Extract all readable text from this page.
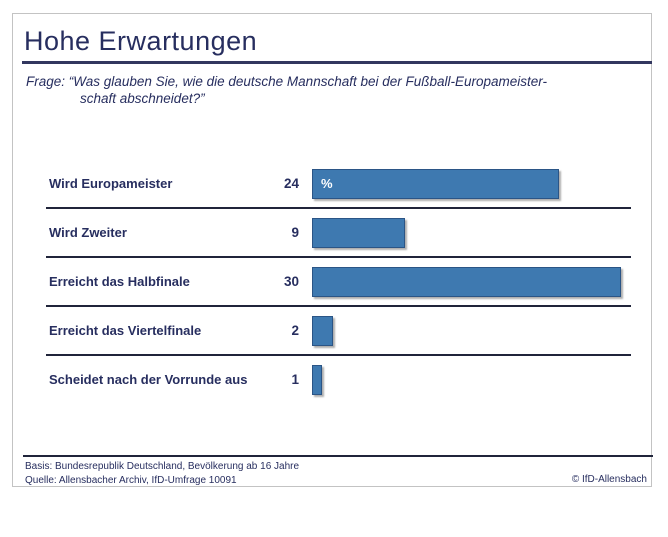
Hohe Erwartungen
Frage: “Was glauben Sie, wie die deutsche Mannschaft bei der Fußball-Europameister-
schaft abschneidet?”
Wird Europameister	24	%
Wird Zweiter	9
Erreicht das Halbfinale	30
Erreicht das Viertelfinale	2
Scheidet nach der Vorrunde aus	1
Basis: Bundesrepublik Deutschland, Bevölkerung ab 16 Jahre
Quelle: Allensbacher Archiv, IfD-Umfrage 10091	© IfD-Allensbach
